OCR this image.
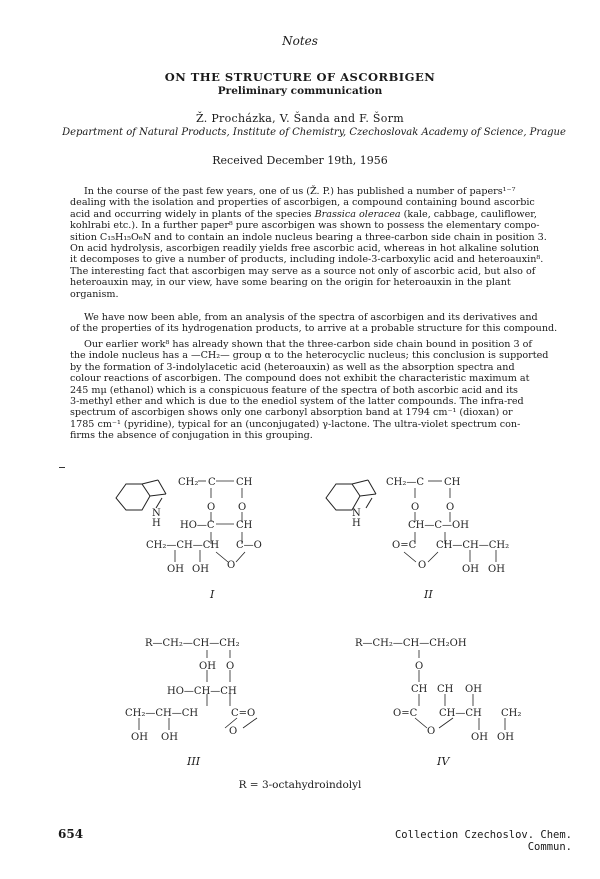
Notes
ON THE STRUCTURE OF ASCORBIGEN
Preliminary communication
Ž. Procházka, V. Šanda and F. Šorm
Department of Natural Products, Institute of Chemistry, Czechoslovak Academy of Science, Prague
Received December 19th, 1956
In the course of the past few years, one of us (Ž. P.) has published a number of papers¹⁻⁷
dealing with the isolation and properties of ascorbigen, a compound containing bound ascorbic
acid and occurring widely in plants of the species Brassica oleracea (kale, cabbage, cauliflower,
kohlrabi etc.). In a further paper⁸ pure ascorbigen was shown to possess the elementary compo-
sition C₁₅H₁₅O₆N and to contain an indole nucleus bearing a three-carbon side chain in position 3.
On acid hydrolysis, ascorbigen readily yields free ascorbic acid, whereas in hot alkaline solution
it decomposes to give a number of products, including indole-3-carboxylic acid and heteroauxin⁸.
The interesting fact that ascorbigen may serve as a source not only of ascorbic acid, but also of
heteroauxin may, in our view, have some bearing on the origin for heteroauxin in the plant
organism.
We have now been able, from an analysis of the spectra of ascorbigen and its derivatives and
of the properties of its hydrogenation products, to arrive at a probable structure for this compound.
Our earlier work⁸ has already shown that the three-carbon side chain bound in position 3 of
the indole nucleus has a —CH₂— group α to the heterocyclic nucleus; this conclusion is supported
by the formation of 3-indolylacetic acid (heteroauxin) as well as the absorption spectra and
colour reactions of ascorbigen. The compound does not exhibit the characteristic maximum at
245 mμ (ethanol) which is a conspicuous feature of the spectra of both ascorbic acid and its
3-methyl ether and which is due to the enediol system of the latter compounds. The infra-red
spectrum of ascorbigen shows only one carbonyl absorption band at 1794 cm⁻¹ (dioxan) or
1785 cm⁻¹ (pyridine), typical for an (unconjugated) γ-lactone. The ultra-violet spectrum con-
firms the absence of conjugation in this grouping.
N
H
CH₂ C CH
O O
HO—C CH
CH₂—CH—CH C—O
O
OH OH
I
N
H
CH₂—C CH
O	O
CH—C—OH
O=C CH—CH—CH₂
O	OH OH
II
R—CH₂—CH—CH₂
OH O
HO—CH—CH
CH₂—CH—CH	C=O
O
OH OH
III
R—CH₂—CH—CH₂OH
O
CH CH OH
O=C CH—CH CH₂
O
OH OH
IV
R = 3-octahydroindolyl
654	Collection Czechoslov. Chem. Commun.
